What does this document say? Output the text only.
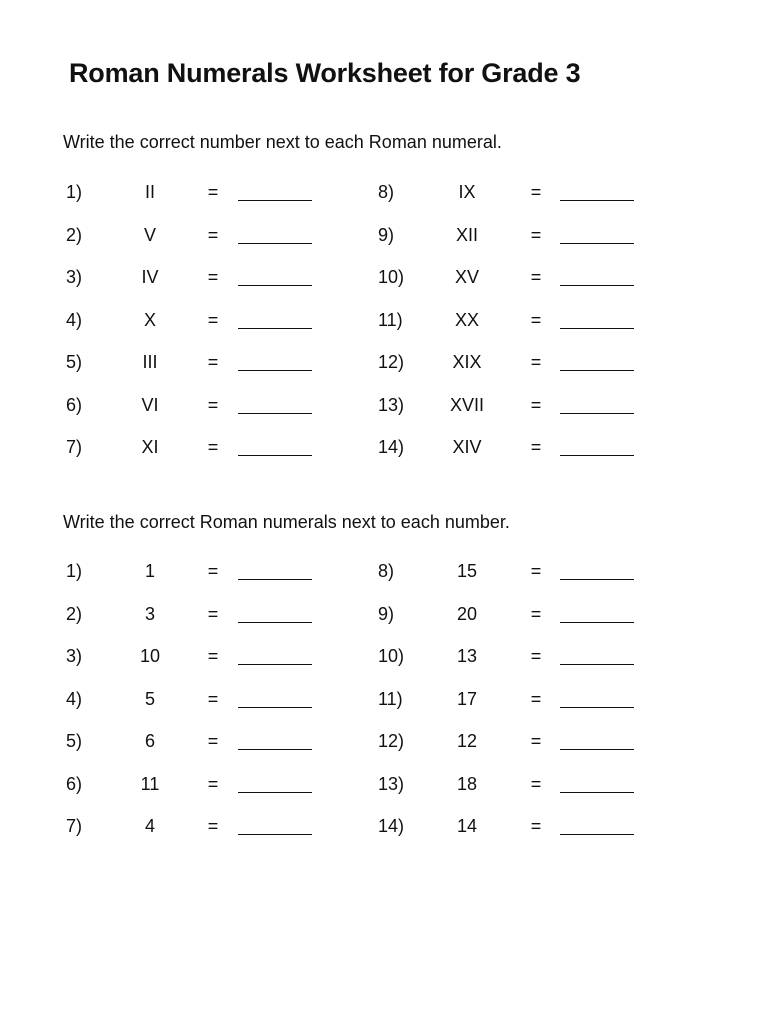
Roman Numerals Worksheet for Grade 3
Write the correct number next to each Roman numeral.
1)	II	=
2)	V	=
3)	IV	=
4)	X	=
5)	III	=
6)	VI	=
7)	XI	=
8)	IX	=
9)	XII	=
10)	XV	=
11)	XX	=
12)	XIX	=
13)	XVII	=
14)	XIV	=
Write the correct Roman numerals next to each number.
1)	1	=
2)	3	=
3)	10	=
4)	5	=
5)	6	=
6)	11	=
7)	4	=
8)	15	=
9)	20	=
10)	13	=
11)	17	=
12)	12	=
13)	18	=
14)	14	=
